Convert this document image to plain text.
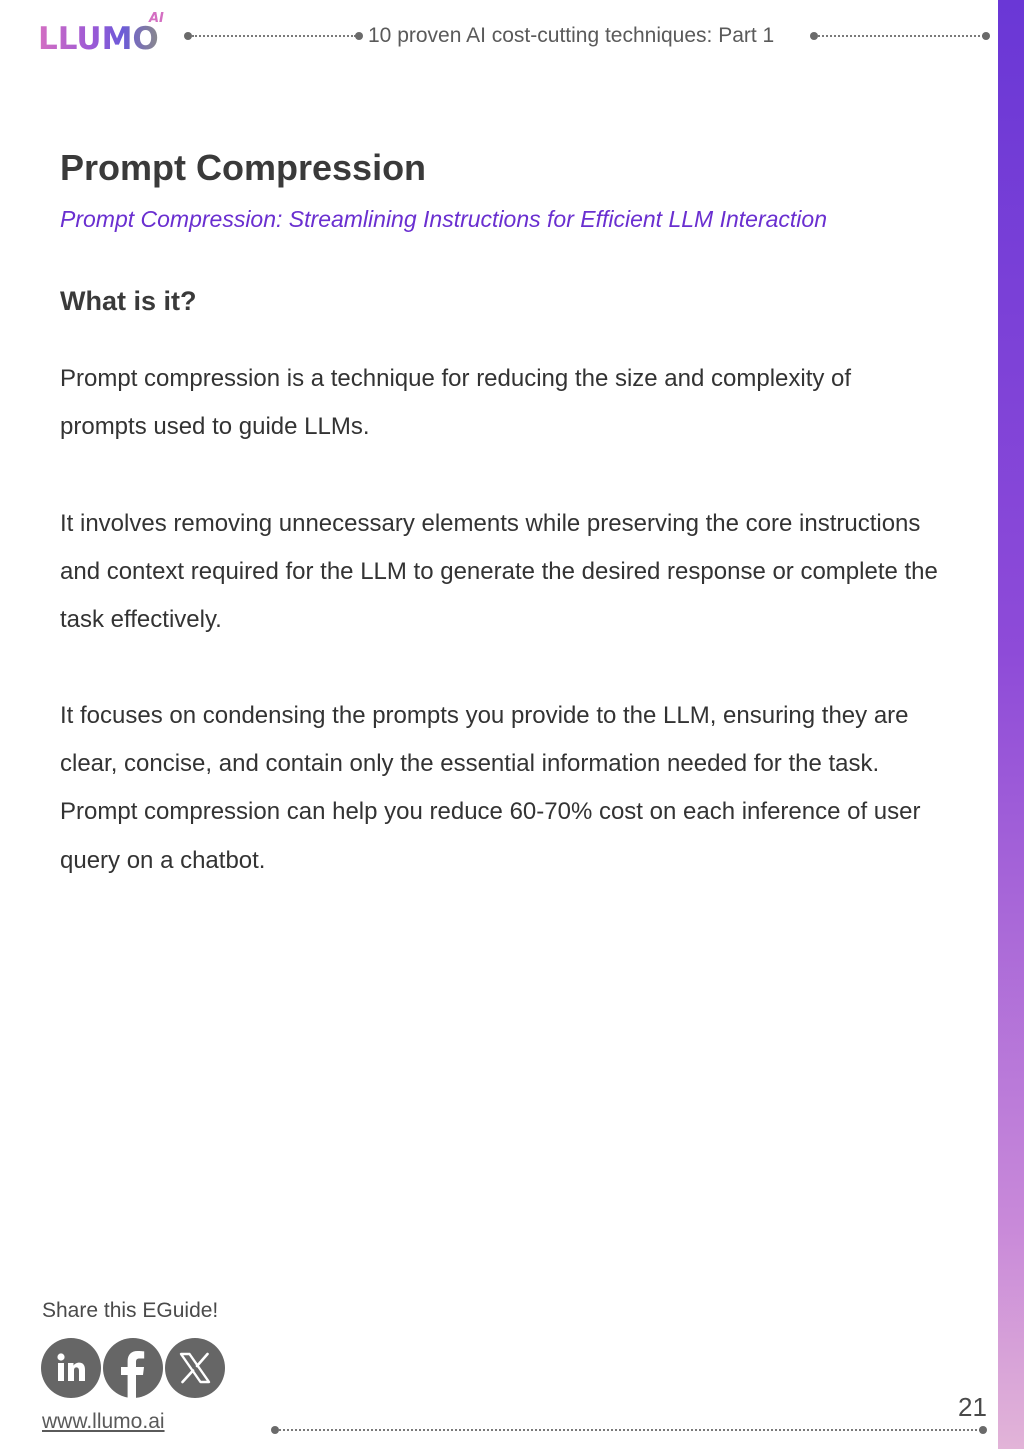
LLUMO
AI
10 proven AI cost-cutting techniques: Part 1
Prompt Compression

Prompt Compression: Streamlining Instructions for Efficient LLM Interaction

What is it?

Prompt compression is a technique for reducing the size and complexity of prompts used to guide LLMs.

It involves removing unnecessary elements while preserving the core instructions and context required for the LLM to generate the desired response or complete the task effectively.

It focuses on condensing the prompts you provide to the LLM, ensuring they are clear, concise, and contain only the essential information needed for the task. Prompt compression can help you reduce 60-70% cost on each inference of user query on a chatbot.

Share this EGuide!
www.llumo.ai	21
